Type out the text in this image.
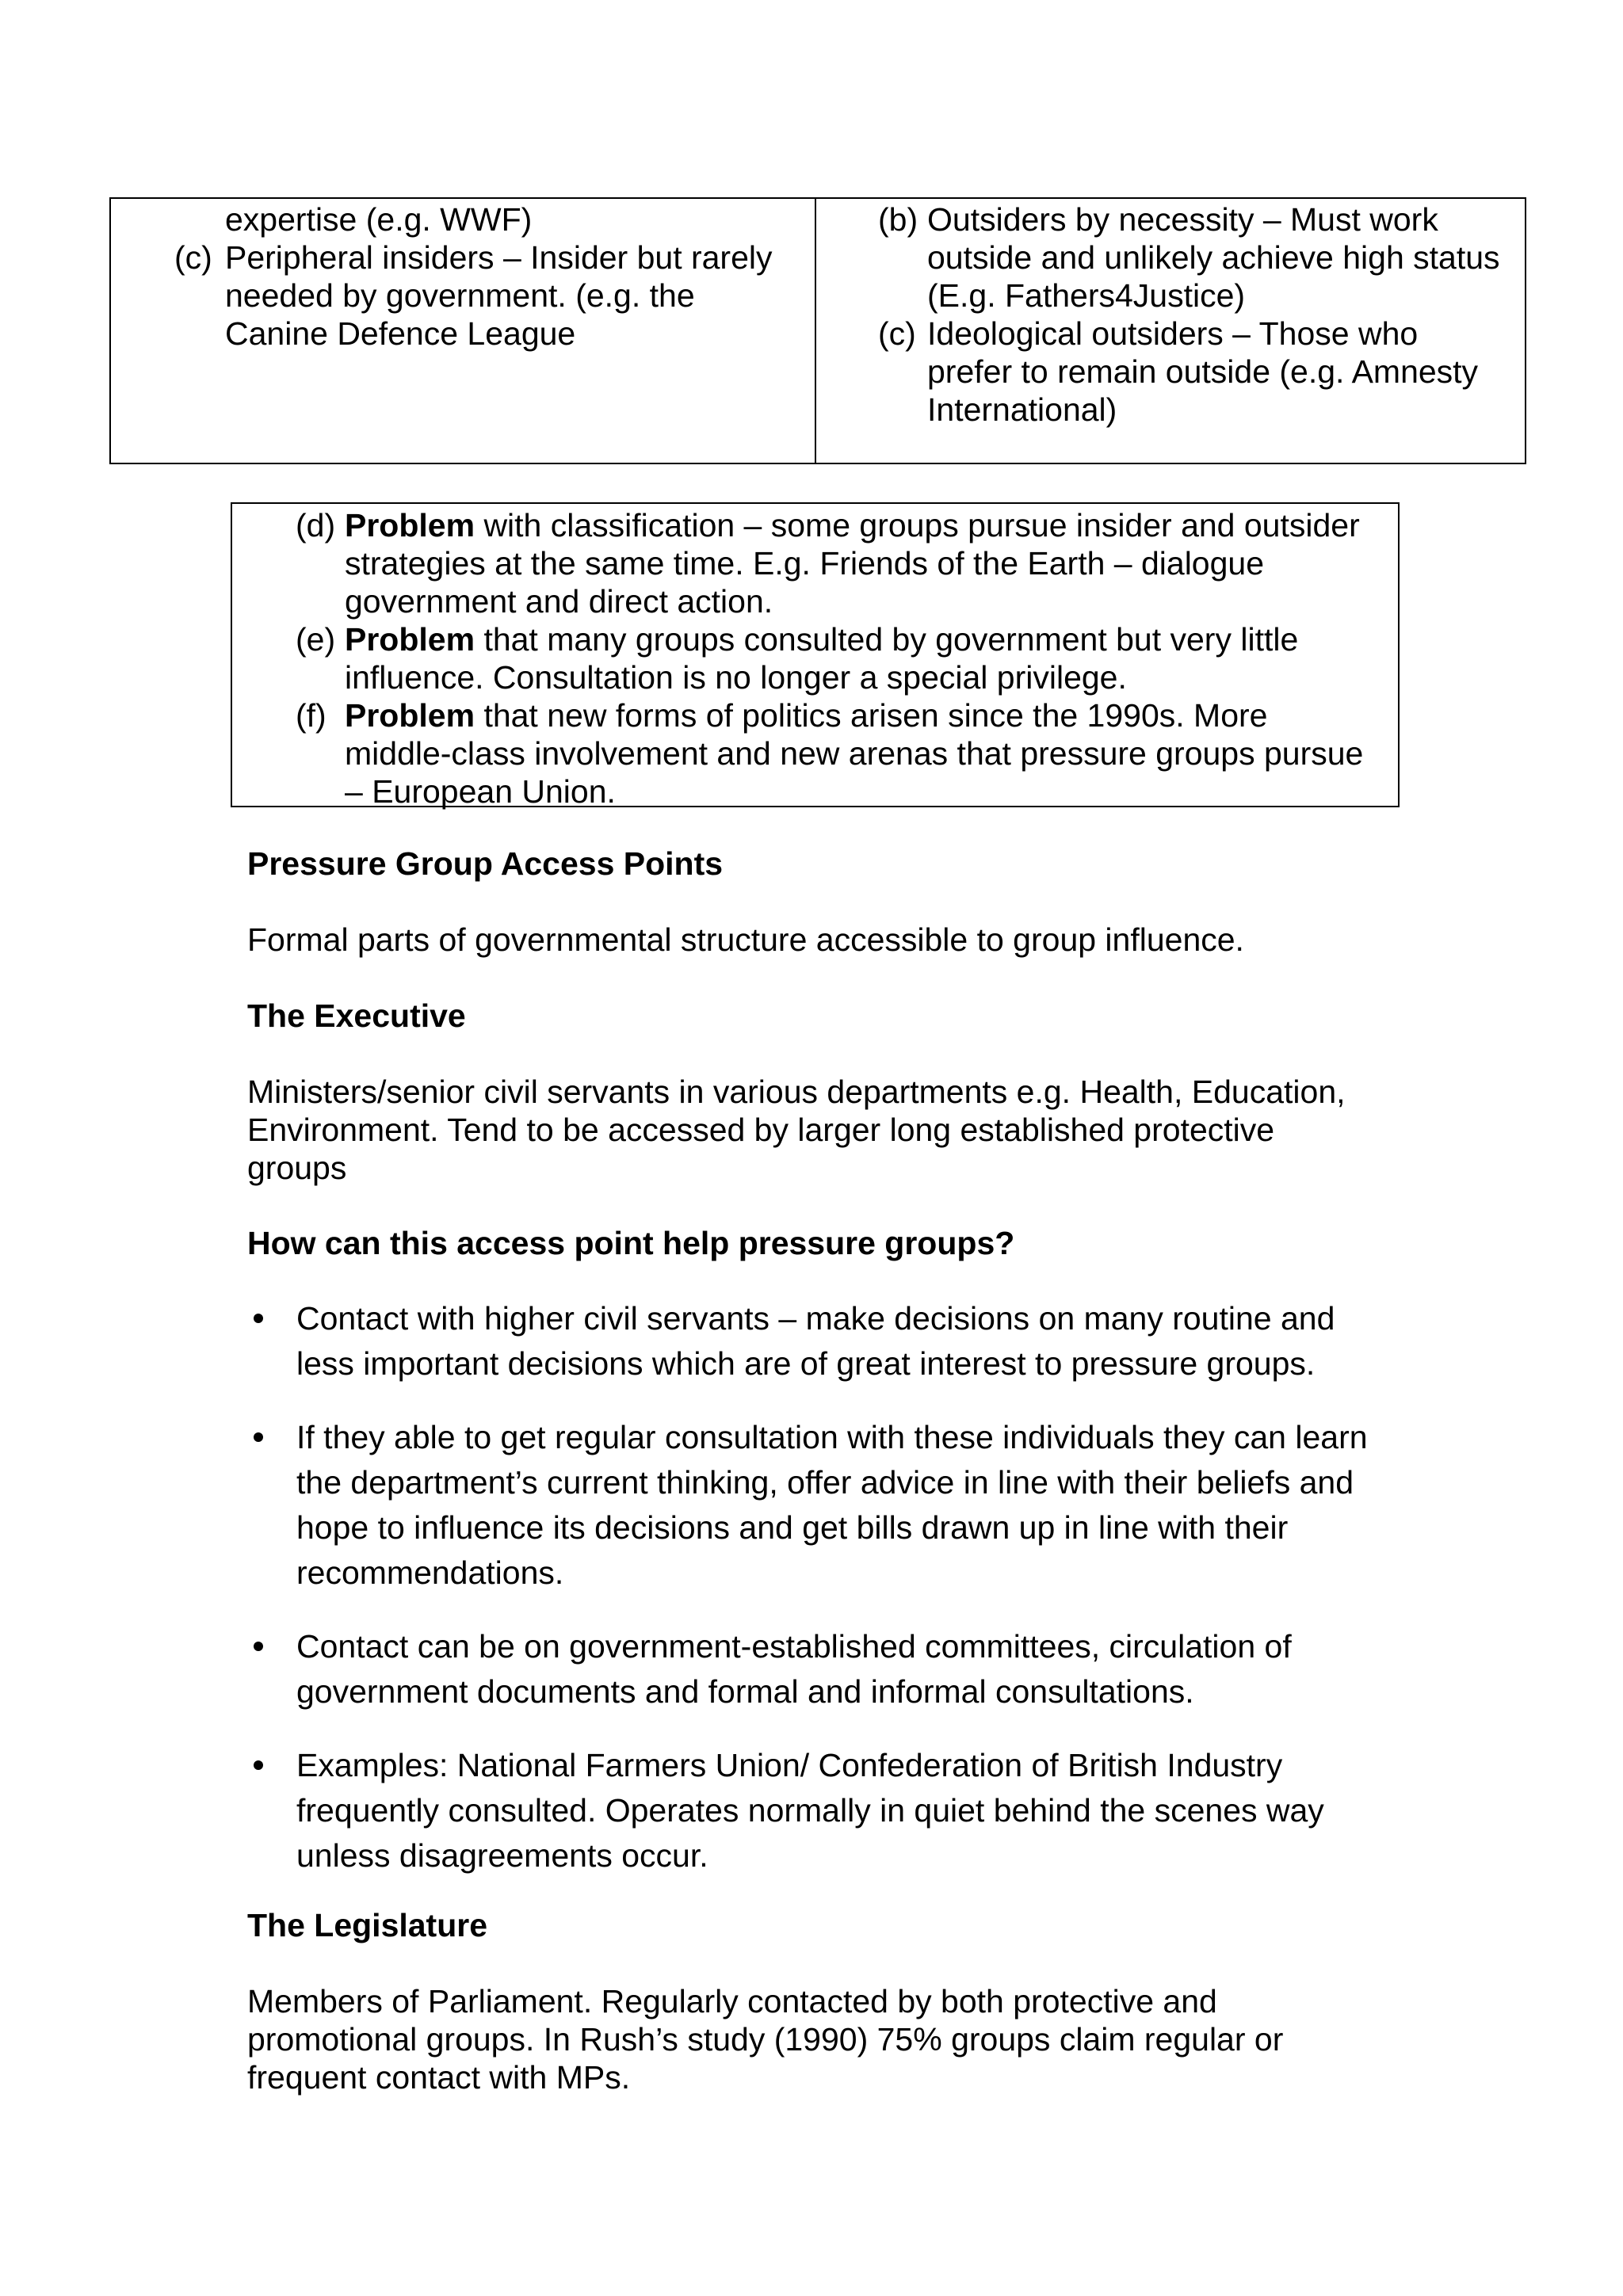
expertise (e.g. WWF)
(c) Peripheral insiders – Insider but rarely
needed by government. (e.g. the
Canine Defence League
(b) Outsiders by necessity – Must work
outside and unlikely achieve high status
(E.g. Fathers4Justice)
(c) Ideological outsiders – Those who
prefer to remain outside (e.g. Amnesty
International)
(d) Problem with classification – some groups pursue insider and outsider
strategies at the same time. E.g. Friends of the Earth – dialogue
government and direct action.
(e) Problem that many groups consulted by government but very little
influence. Consultation is no longer a special privilege.
(f) Problem that new forms of politics arisen since the 1990s. More
middle-class involvement and new arenas that pressure groups pursue
– European Union.
Pressure Group Access Points
Formal parts of governmental structure accessible to group influence.
The Executive
Ministers/senior civil servants in various departments e.g. Health, Education,
Environment. Tend to be accessed by larger long established protective
groups
How can this access point help pressure groups?
Contact with higher civil servants – make decisions on many routine and
less important decisions which are of great interest to pressure groups.
If they able to get regular consultation with these individuals they can learn
the department’s current thinking, offer advice in line with their beliefs and
hope to influence its decisions and get bills drawn up in line with their
recommendations.
Contact can be on government-established committees, circulation of
government documents and formal and informal consultations.
Examples: National Farmers Union/ Confederation of British Industry
frequently consulted. Operates normally in quiet behind the scenes way
unless disagreements occur.
The Legislature
Members of Parliament. Regularly contacted by both protective and
promotional groups. In Rush’s study (1990) 75% groups claim regular or
frequent contact with MPs.
